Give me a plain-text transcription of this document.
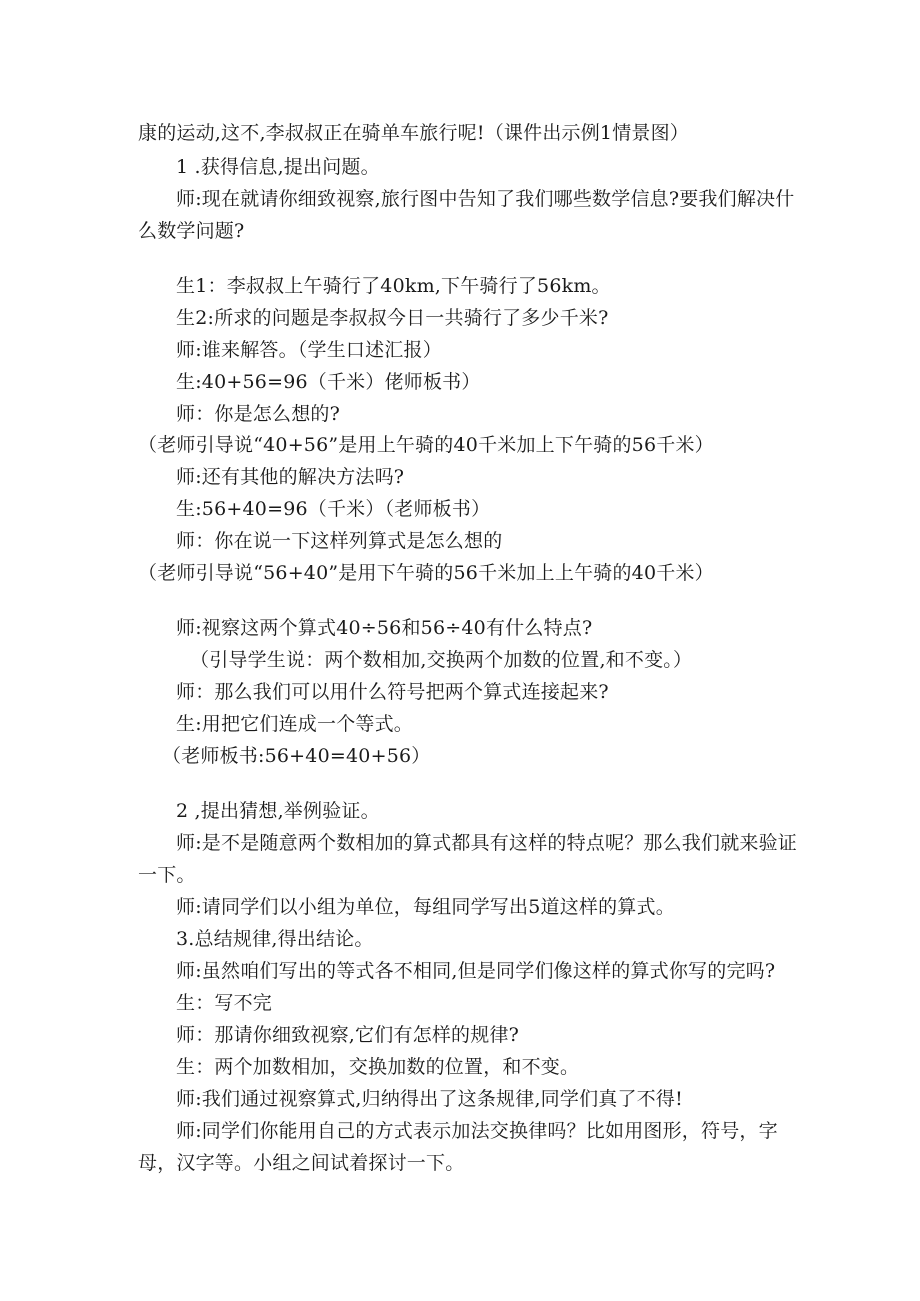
康的运动,这不,李叔叔正在骑单车旅行呢!（课件出示例1情景图）
1 .获得信息,提出问题。
师:现在就请你细致视察,旅行图中告知了我们哪些数学信息?要我们解决什
么数学问题?
生1：李叔叔上午骑行了40km,下午骑行了56km。
生2:所求的问题是李叔叔今日一共骑行了多少千米?
师:谁来解答。（学生口述汇报）
生:40+56=96（千米）佬师板书）
师：你是怎么想的?
（老师引导说“40+56”是用上午骑的40千米加上下午骑的56千米）
师:还有其他的解决方法吗?
生:56+40=96（千米）（老师板书）
师：你在说一下这样列算式是怎么想的
（老师引导说“56+40”是用下午骑的56千米加上上午骑的40千米）
师:视察这两个算式40÷56和56÷40有什么特点?
（引导学生说：两个数相加,交换两个加数的位置,和不变。）
师：那么我们可以用什么符号把两个算式连接起来?
生:用把它们连成一个等式。
（老师板书:56+40=40+56）
2 ,提出猜想,举例验证。
师:是不是随意两个数相加的算式都具有这样的特点呢？那么我们就来验证
一下。
师:请同学们以小组为单位，每组同学写出5道这样的算式。
3.总结规律,得出结论。
师:虽然咱们写出的等式各不相同,但是同学们像这样的算式你写的完吗?
生：写不完
师：那请你细致视察,它们有怎样的规律?
生：两个加数相加，交换加数的位置，和不变。
师:我们通过视察算式,归纳得出了这条规律,同学们真了不得!
师:同学们你能用自己的方式表示加法交换律吗？比如用图形，符号，字
母，汉字等。小组之间试着探讨一下。
